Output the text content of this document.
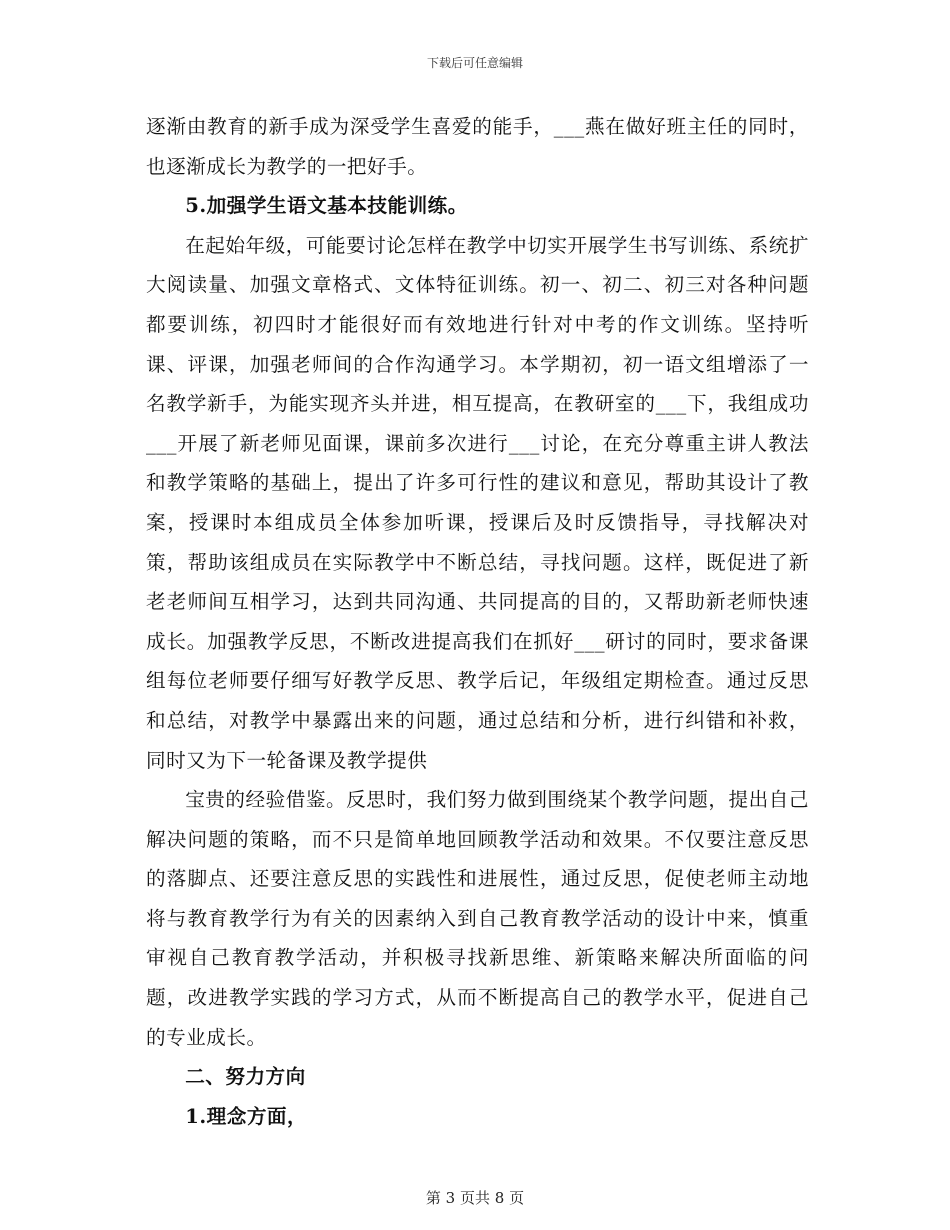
下载后可任意编辑

逐渐由教育的新手成为深受学生喜爱的能手，___燕在做好班主任的同时，也逐渐成长为教学的一把好手。

5.加强学生语文基本技能训练。

在起始年级，可能要讨论怎样在教学中切实开展学生书写训练、系统扩大阅读量、加强文章格式、文体特征训练。初一、初二、初三对各种问题都要训练，初四时才能很好而有效地进行针对中考的作文训练。坚持听课、评课，加强老师间的合作沟通学习。本学期初，初一语文组增添了一名教学新手，为能实现齐头并进，相互提高，在教研室的___下，我组成功___开展了新老师见面课，课前多次进行___讨论，在充分尊重主讲人教法和教学策略的基础上，提出了许多可行性的建议和意见，帮助其设计了教案，授课时本组成员全体参加听课，授课后及时反馈指导，寻找解决对策，帮助该组成员在实际教学中不断总结，寻找问题。这样，既促进了新老老师间互相学习，达到共同沟通、共同提高的目的，又帮助新老师快速成长。加强教学反思，不断改进提高我们在抓好___研讨的同时，要求备课组每位老师要仔细写好教学反思、教学后记，年级组定期检查。通过反思和总结，对教学中暴露出来的问题，通过总结和分析，进行纠错和补救，同时又为下一轮备课及教学提供

宝贵的经验借鉴。反思时，我们努力做到围绕某个教学问题，提出自己解决问题的策略，而不只是简单地回顾教学活动和效果。不仅要注意反思的落脚点、还要注意反思的实践性和进展性，通过反思，促使老师主动地将与教育教学行为有关的因素纳入到自己教育教学活动的设计中来，慎重审视自己教育教学活动，并积极寻找新思维、新策略来解决所面临的问题，改进教学实践的学习方式，从而不断提高自己的教学水平，促进自己的专业成长。

二、努力方向

1.理念方面，

第 3 页共 8 页
